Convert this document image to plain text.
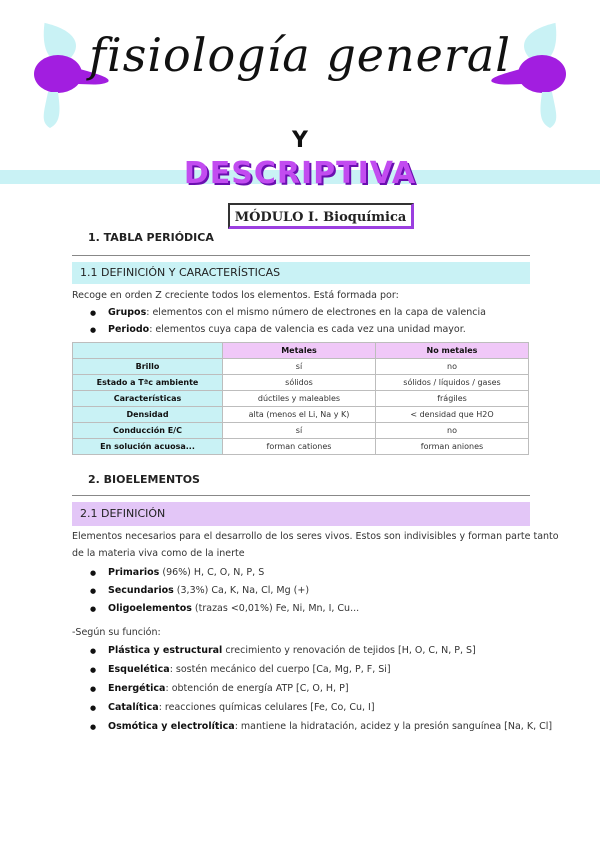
fisiología general
Y
DESCRIPTIVA
MÓDULO I. Bioquímica
1. TABLA PERIÓDICA
1.1 DEFINICIÓN Y CARACTERÍSTICAS
Recoge en orden Z creciente todos los elementos. Está formada por:
● Grupos: elementos con el mismo número de electrones en la capa de valencia
● Periodo: elementos cuya capa de valencia es cada vez una unidad mayor.
	Metales	No metales
Brillo	sí	no
Estado a Tªc ambiente	sólidos	sólidos / líquidos / gases
Características	dúctiles y maleables	frágiles
Densidad	alta (menos el Li, Na y K)	< densidad que H2O
Conducción E/C	sí	no
En solución acuosa...	forman cationes	forman aniones
2. BIOELEMENTOS
2.1 DEFINICIÓN
Elementos necesarios para el desarrollo de los seres vivos. Estos son indivisibles y forman parte tanto
de la materia viva como de la inerte
● Primarios (96%) H, C, O, N, P, S
● Secundarios (3,3%) Ca, K, Na, Cl, Mg (+)
● Oligoelementos (trazas <0,01%) Fe, Ni, Mn, I, Cu...
-Según su función:
● Plástica y estructural crecimiento y renovación de tejidos [H, O, C, N, P, S]
● Esquelética: sostén mecánico del cuerpo [Ca, Mg, P, F, Si]
● Energética: obtención de energía ATP [C, O, H, P]
● Catalítica: reacciones químicas celulares [Fe, Co, Cu, I]
● Osmótica y electrolítica: mantiene la hidratación, acidez y la presión sanguínea [Na, K, Cl]
